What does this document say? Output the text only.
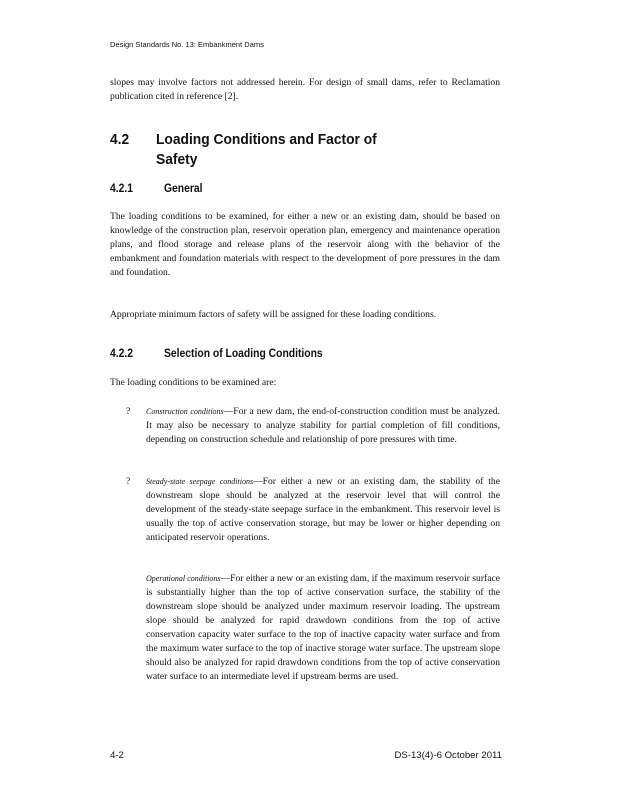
Design Standards No. 13: Embankment Dams

slopes may involve factors not addressed herein. For design of small dams, refer to Reclamation publication cited in reference [2].

4.2 Loading Conditions and Factor of Safety
4.2.1	General

The loading conditions to be examined, for either a new or an existing dam, should be based on knowledge of the construction plan, reservoir operation plan, emergency and maintenance operation plans, and flood storage and release plans of the reservoir along with the behavior of the embankment and foundation materials with respect to the development of pore pressures in the dam and foundation.

Appropriate minimum factors of safety will be assigned for these loading conditions.

4.2.2	Selection of Loading Conditions

The loading conditions to be examined are:

?	Construction conditions—For a new dam, the end-of-construction condition must be analyzed. It may also be necessary to analyze stability for partial completion of fill conditions, depending on construction schedule and relationship of pore pressures with time.
?	Steady-state seepage conditions—For either a new or an existing dam, the stability of the downstream slope should be analyzed at the reservoir level that will control the development of the steady-state seepage surface in the embankment. This reservoir level is usually the top of active conservation storage, but may be lower or higher depending on anticipated reservoir operations.
Operational conditions—For either a new or an existing dam, if the maximum reservoir surface is substantially higher than the top of active conservation surface, the stability of the downstream slope should be analyzed under maximum reservoir loading. The upstream slope should be analyzed for rapid drawdown conditions from the top of active conservation capacity water surface to the top of inactive capacity water surface and from the maximum water surface to the top of inactive storage water surface. The upstream slope should also be analyzed for rapid drawdown conditions from the top of active conservation water surface to an intermediate level if upstream berms are used.
4-2	DS-13(4)-6 October 2011
